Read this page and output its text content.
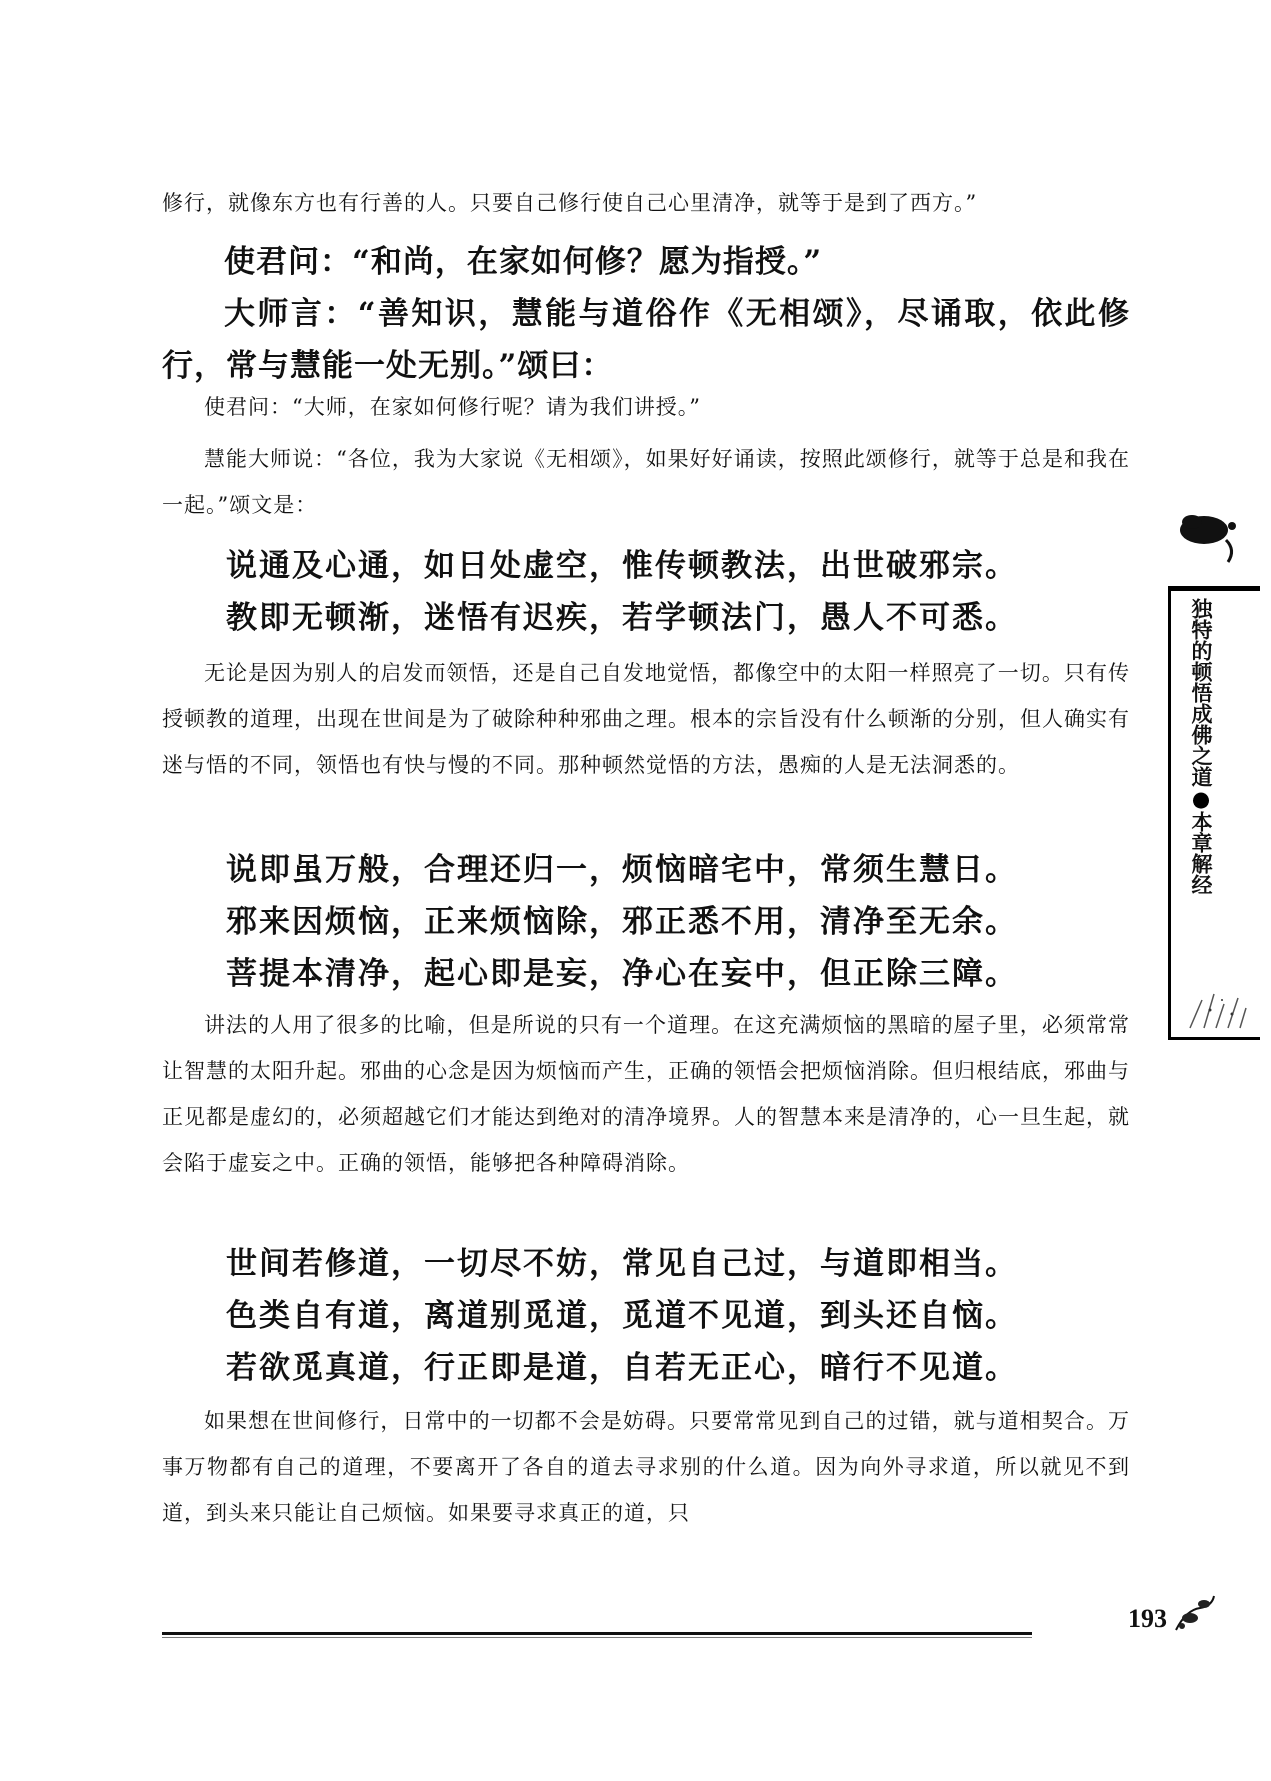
修行，就像东方也有行善的人。只要自己修行使自己心里清净，就等于是到了西方。”

使君问：“和尚，在家如何修？愿为指授。”

大师言：“善知识，慧能与道俗作《无相颂》，尽诵取，依此修行，常与慧能一处无别。”颂曰：

使君问：“大师，在家如何修行呢？请为我们讲授。”

慧能大师说：“各位，我为大家说《无相颂》，如果好好诵读，按照此颂修行，就等于总是和我在一起。”颂文是：

说通及心通，如日处虚空，惟传顿教法，出世破邪宗。

教即无顿渐，迷悟有迟疾，若学顿法门，愚人不可悉。

无论是因为别人的启发而领悟，还是自己自发地觉悟，都像空中的太阳一样照亮了一切。只有传授顿教的道理，出现在世间是为了破除种种邪曲之理。根本的宗旨没有什么顿渐的分别，但人确实有迷与悟的不同，领悟也有快与慢的不同。那种顿然觉悟的方法，愚痴的人是无法洞悉的。

说即虽万般，合理还归一，烦恼暗宅中，常须生慧日。

邪来因烦恼，正来烦恼除，邪正悉不用，清净至无余。

菩提本清净，起心即是妄，净心在妄中，但正除三障。

讲法的人用了很多的比喻，但是所说的只有一个道理。在这充满烦恼的黑暗的屋子里，必须常常让智慧的太阳升起。邪曲的心念是因为烦恼而产生，正确的领悟会把烦恼消除。但归根结底，邪曲与正见都是虚幻的，必须超越它们才能达到绝对的清净境界。人的智慧本来是清净的，心一旦生起，就会陷于虚妄之中。正确的领悟，能够把各种障碍消除。

世间若修道，一切尽不妨，常见自己过，与道即相当。

色类自有道，离道别觅道，觅道不见道，到头还自恼。

若欲觅真道，行正即是道，自若无正心，暗行不见道。

如果想在世间修行，日常中的一切都不会是妨碍。只要常常见到自己的过错，就与道相契合。万事万物都有自己的道理，不要离开了各自的道去寻求别的什么道。因为向外寻求道，所以就见不到道，到头来只能让自己烦恼。如果要寻求真正的道，只

独特的顿悟成佛之道●本章解经
193
